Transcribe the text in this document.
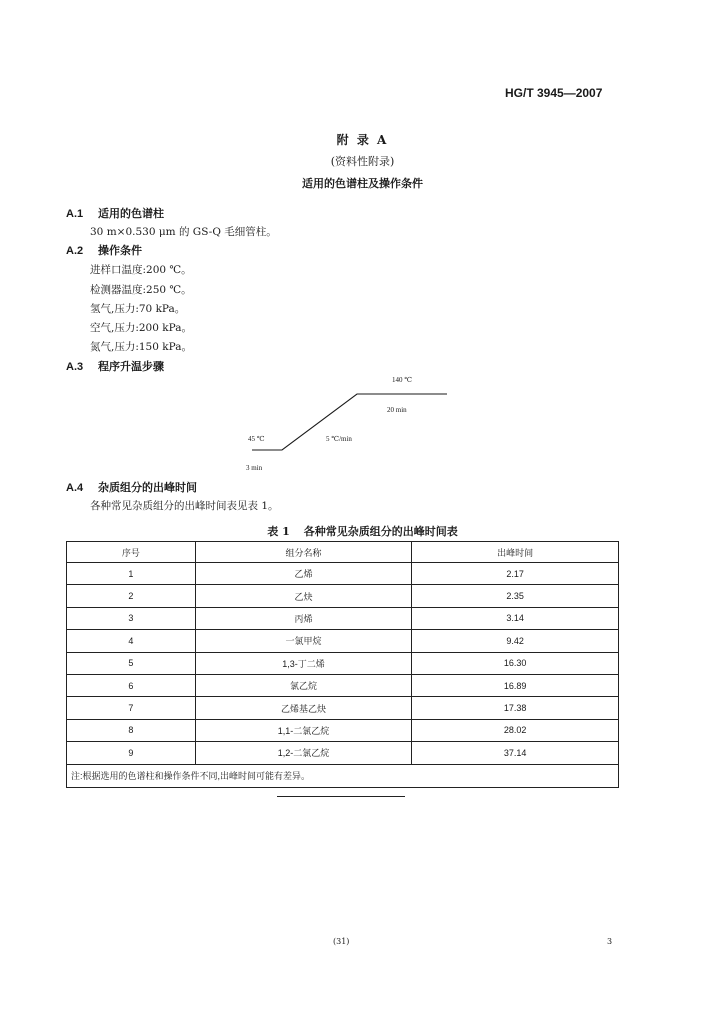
HG/T 3945—2007
附 录 A
(资料性附录)
适用的色谱柱及操作条件
A.1 适用的色谱柱
30 m×0.530 μm 的 GS-Q 毛细管柱。
A.2 操作条件
进样口温度:200 ℃。
检测器温度:250 ℃。
氢气,压力:70 kPa。
空气,压力:200 kPa。
氮气,压力:150 kPa。
A.3 程序升温步骤
45 ℃
3 min
5 ℃/min
140 ℃
20 min
A.4 杂质组分的出峰时间
各种常见杂质组分的出峰时间表见表 1。
表 1 各种常见杂质组分的出峰时间表
序号	组分名称	出峰时间
1	乙烯	2.17
2	乙炔	2.35
3	丙烯	3.14
4	一氯甲烷	9.42
5	1,3-丁二烯	16.30
6	氯乙烷	16.89
7	乙烯基乙炔	17.38
8	1,1-二氯乙烷	28.02
9	1,2-二氯乙烷	37.14
注:根据选用的色谱柱和操作条件不同,出峰时间可能有差异。		
(31)	3
